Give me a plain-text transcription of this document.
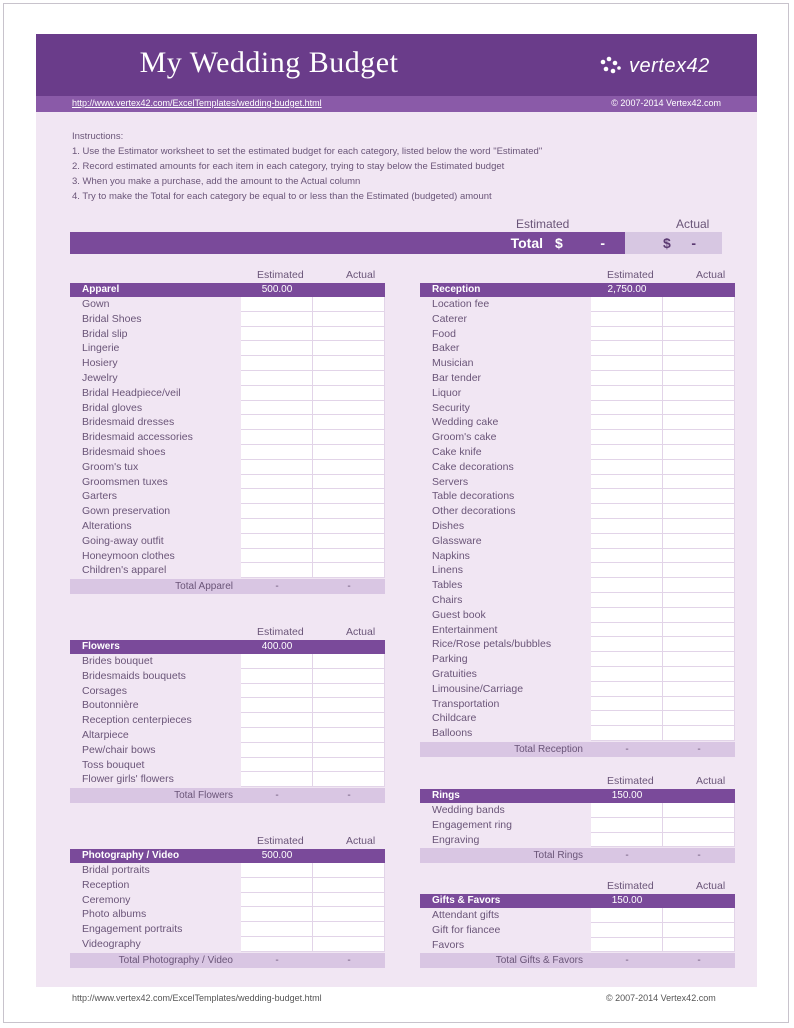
My Wedding Budget	vertex42
http://www.vertex42.com/ExcelTemplates/wedding-budget.html	© 2007-2014 Vertex42.com
Instructions:
1. Use the Estimator worksheet to set the estimated budget for each category, listed below the word "Estimated"
2. Record estimated amounts for each item in each category, trying to stay below the Estimated budget
3. When you make a purchase, add the amount to the Actual column
4. Try to make the Total for each category be equal to or less than the Estimated (budgeted) amount
Estimated	Actual
Total $	-	$ -
Estimated	Actual
Apparel	500.00
Gown
Bridal Shoes
Bridal slip
Lingerie
Hosiery
Jewelry
Bridal Headpiece/veil
Bridal gloves
Bridesmaid dresses
Bridesmaid accessories
Bridesmaid shoes
Groom's tux
Groomsmen tuxes
Garters
Gown preservation
Alterations
Going-away outfit
Honeymoon clothes
Children's apparel
Total Apparel	-	-
Estimated	Actual
Flowers	400.00
Brides bouquet
Bridesmaids bouquets
Corsages
Boutonnière
Reception centerpieces
Altarpiece
Pew/chair bows
Toss bouquet
Flower girls' flowers
Total Flowers	-	-
Estimated	Actual
Photography / Video	500.00
Bridal portraits
Reception
Ceremony
Photo albums
Engagement portraits
Videography
Total Photography / Video	-	-
Estimated	Actual
Reception	2,750.00
Location fee
Caterer
Food
Baker
Musician
Bar tender
Liquor
Security
Wedding cake
Groom's cake
Cake knife
Cake decorations
Servers
Table decorations
Other decorations
Dishes
Glassware
Napkins
Linens
Tables
Chairs
Guest book
Entertainment
Rice/Rose petals/bubbles
Parking
Gratuities
Limousine/Carriage
Transportation
Childcare
Balloons
Total Reception	-	-
Estimated	Actual
Rings	150.00
Wedding bands
Engagement ring
Engraving
Total Rings	-	-
Estimated	Actual
Gifts & Favors	150.00
Attendant gifts
Gift for fiancee
Favors
Total Gifts & Favors	-	-
http://www.vertex42.com/ExcelTemplates/wedding-budget.html	© 2007-2014 Vertex42.com
